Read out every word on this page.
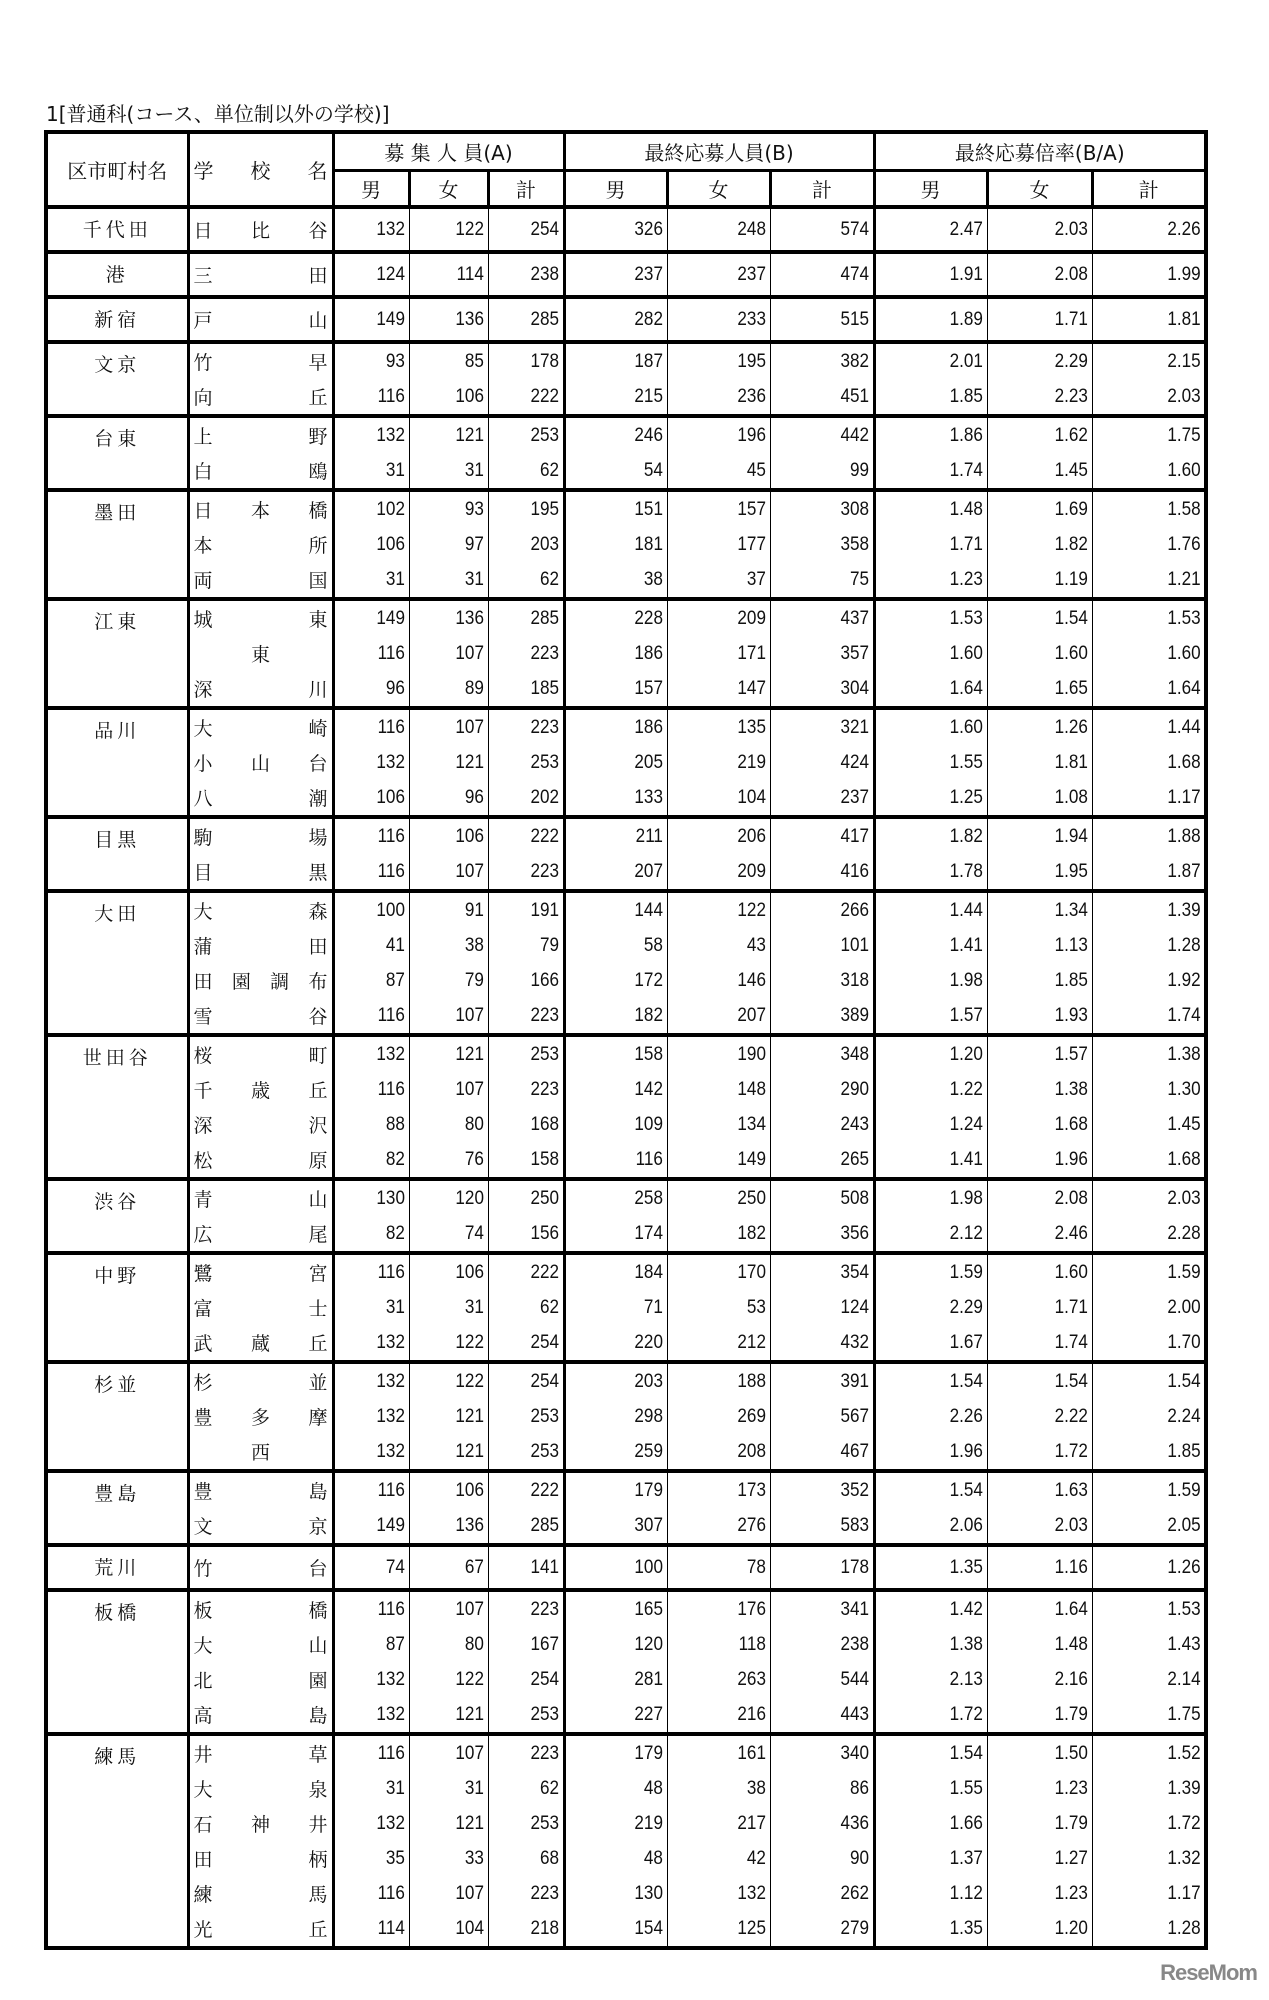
1[普通科(コース、単位制以外の学校)]
区市町村名	学 校 名	募 集 人 員(A)			最終応募人員(B)			最終応募倍率(B/A)		
		男	女	計	男	女	計	男	女	計
千代田	日比谷	132	122	254	326	248	574	2.47	2.03	2.26
港	三田	124	114	238	237	237	474	1.91	2.08	1.99
新宿	戸山	149	136	285	282	233	515	1.89	1.71	1.81
文京	竹早	93	85	178	187	195	382	2.01	2.29	2.15

	向丘	116	106	222	215	236	451	1.85	2.23	2.03
台東	上野	132	121	253	246	196	442	1.86	1.62	1.75

	白鴎	31	31	62	54	45	99	1.74	1.45	1.60
墨田	日本橋	102	93	195	151	157	308	1.48	1.69	1.58

	本所	106	97	203	181	177	358	1.71	1.82	1.76

	両国	31	31	62	38	37	75	1.23	1.19	1.21
江東	城東	149	136	285	228	209	437	1.53	1.54	1.53

	東	116	107	223	186	171	357	1.60	1.60	1.60

	深川	96	89	185	157	147	304	1.64	1.65	1.64
品川	大崎	116	107	223	186	135	321	1.60	1.26	1.44

	小山台	132	121	253	205	219	424	1.55	1.81	1.68

	八潮	106	96	202	133	104	237	1.25	1.08	1.17
目黒	駒場	116	106	222	211	206	417	1.82	1.94	1.88

	目黒	116	107	223	207	209	416	1.78	1.95	1.87
大田	大森	100	91	191	144	122	266	1.44	1.34	1.39

	蒲田	41	38	79	58	43	101	1.41	1.13	1.28

	田園調布	87	79	166	172	146	318	1.98	1.85	1.92

	雪谷	116	107	223	182	207	389	1.57	1.93	1.74
世田谷	桜町	132	121	253	158	190	348	1.20	1.57	1.38

	千歳丘	116	107	223	142	148	290	1.22	1.38	1.30

	深沢	88	80	168	109	134	243	1.24	1.68	1.45

	松原	82	76	158	116	149	265	1.41	1.96	1.68
渋谷	青山	130	120	250	258	250	508	1.98	2.08	2.03

	広尾	82	74	156	174	182	356	2.12	2.46	2.28
中野	鷺宮	116	106	222	184	170	354	1.59	1.60	1.59

	富士	31	31	62	71	53	124	2.29	1.71	2.00

	武蔵丘	132	122	254	220	212	432	1.67	1.74	1.70
杉並	杉並	132	122	254	203	188	391	1.54	1.54	1.54

	豊多摩	132	121	253	298	269	567	2.26	2.22	2.24

	西	132	121	253	259	208	467	1.96	1.72	1.85
豊島	豊島	116	106	222	179	173	352	1.54	1.63	1.59

	文京	149	136	285	307	276	583	2.06	2.03	2.05
荒川	竹台	74	67	141	100	78	178	1.35	1.16	1.26
板橋	板橋	116	107	223	165	176	341	1.42	1.64	1.53

	大山	87	80	167	120	118	238	1.38	1.48	1.43

	北園	132	122	254	281	263	544	2.13	2.16	2.14

	高島	132	121	253	227	216	443	1.72	1.79	1.75
練馬	井草	116	107	223	179	161	340	1.54	1.50	1.52

	大泉	31	31	62	48	38	86	1.55	1.23	1.39

	石神井	132	121	253	219	217	436	1.66	1.79	1.72

	田柄	35	33	68	48	42	90	1.37	1.27	1.32

	練馬	116	107	223	130	132	262	1.12	1.23	1.17

	光丘	114	104	218	154	125	279	1.35	1.20	1.28
ReseMom
